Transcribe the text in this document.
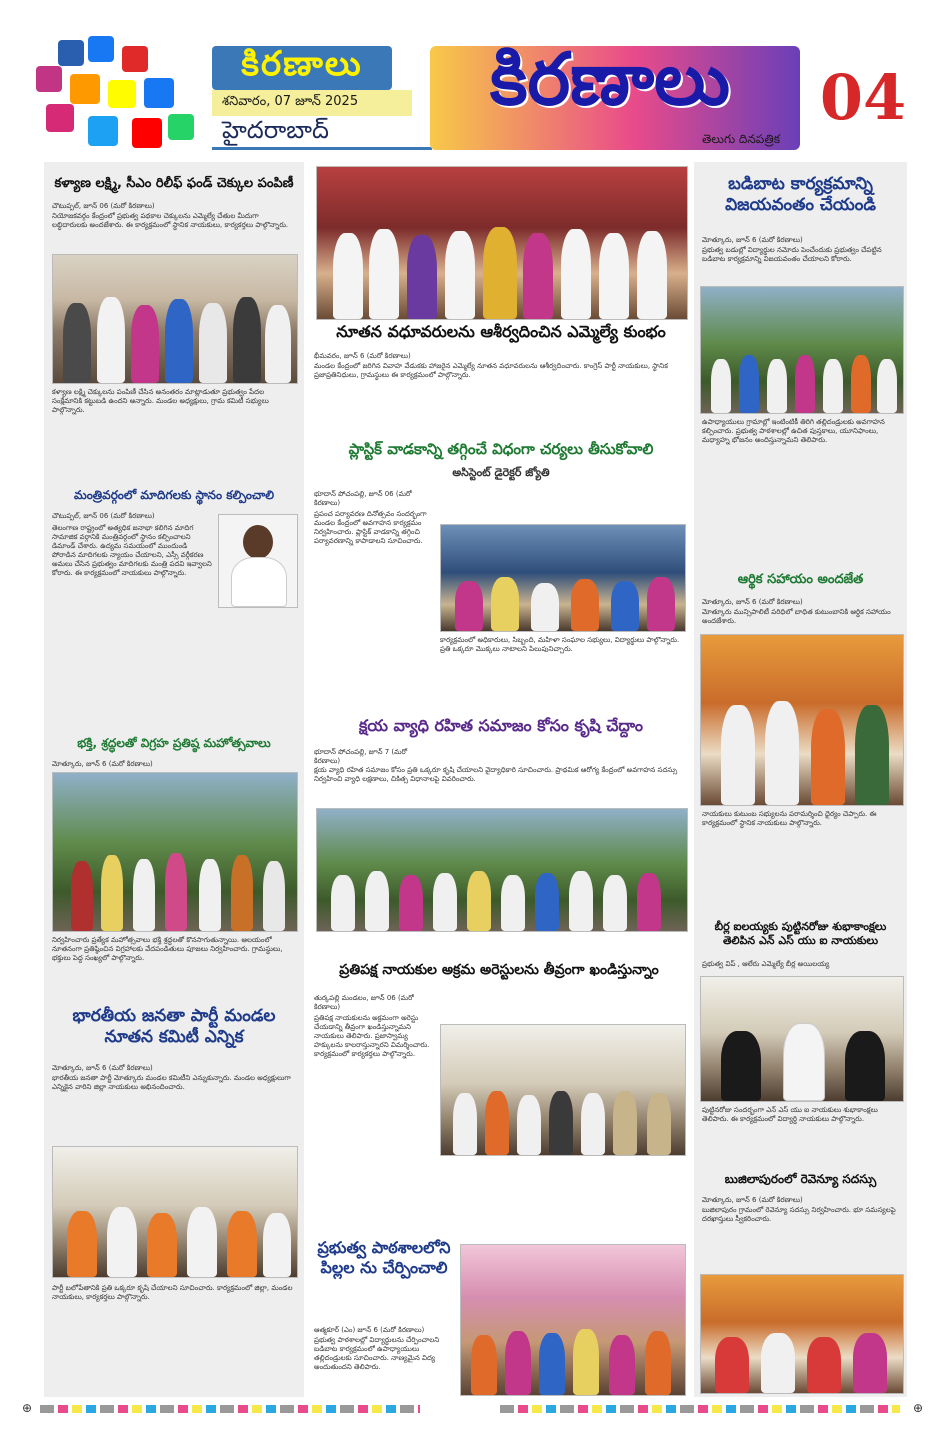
కిరణాలు
శనివారం, 07 జూన్ 2025
హైదరాబాద్
కిరణాలు
తెలుగు దినపత్రిక
04
కళ్యాణ లక్ష్మి, సీఎం రిలీఫ్ ఫండ్ చెక్కుల పంపిణీ
చౌటుప్పల్, జూన్ 06 (మరో కిరణాలు)
నియోజకవర్గం కేంద్రంలో ప్రభుత్వ పథకాల చెక్కులను ఎమ్మెల్యే చేతుల మీదుగా లబ్ధిదారులకు అందజేశారు. ఈ కార్యక్రమంలో స్థానిక నాయకులు, కార్యకర్తలు పాల్గొన్నారు.
కళ్యాణ లక్ష్మి చెక్కులను పంపిణీ చేసిన అనంతరం మాట్లాడుతూ ప్రభుత్వం పేదల సంక్షేమానికి కట్టుబడి ఉందని అన్నారు. మండల అధ్యక్షులు, గ్రామ కమిటీ సభ్యులు పాల్గొన్నారు.
మంత్రివర్గంలో మాదిగలకు స్థానం కల్పించాలి
చౌటుప్పల్, జూన్ 06 (మరో కిరణాలు)
తెలంగాణ రాష్ట్రంలో అత్యధిక జనాభా కలిగిన మాదిగ సామాజిక వర్గానికి మంత్రివర్గంలో స్థానం కల్పించాలని డిమాండ్ చేశారు. ఉద్యమ సమయంలో ముందుండి పోరాడిన మాదిగలకు న్యాయం చేయాలని, ఎస్సీ వర్గీకరణ అమలు చేసిన ప్రభుత్వం మాదిగలకు మంత్రి పదవి ఇవ్వాలని కోరారు. ఈ కార్యక్రమంలో నాయకులు పాల్గొన్నారు.
భక్తి, శ్రద్ధలతో విగ్రహ ప్రతిష్ఠ మహోత్సవాలు
మోత్కూరు, జూన్ 6 (మరో కిరణాలు)
నిర్వహించారు ప్రత్యేక మహోత్సవాలు భక్తి శ్రద్ధలతో కొనసాగుతున్నాయి. ఆలయంలో నూతనంగా ప్రతిష్ఠించిన విగ్రహాలకు వేదపండితులు పూజలు నిర్వహించారు. గ్రామస్థులు, భక్తులు పెద్ద సంఖ్యలో పాల్గొన్నారు.
భారతీయ జనతా పార్టీ మండల నూతన కమిటీ ఎన్నిక
మోత్కూరు, జూన్ 6 (మరో కిరణాలు)
భారతీయ జనతా పార్టీ మోత్కూరు మండల కమిటీని ఎన్నుకున్నారు. మండల అధ్యక్షులుగా ఎన్నికైన వారిని జిల్లా నాయకులు అభినందించారు.
పార్టీ బలోపేతానికి ప్రతి ఒక్కరూ కృషి చేయాలని సూచించారు. కార్యక్రమంలో జిల్లా, మండల నాయకులు, కార్యకర్తలు పాల్గొన్నారు.
నూతన వధూవరులను ఆశీర్వదించిన ఎమ్మెల్యే కుంభం
భీమవరం, జూన్ 6 (మరో కిరణాలు)
మండల కేంద్రంలో జరిగిన వివాహ వేడుకకు హాజరైన ఎమ్మెల్యే నూతన వధూవరులను ఆశీర్వదించారు. కాంగ్రెస్ పార్టీ నాయకులు, స్థానిక ప్రజాప్రతినిధులు, గ్రామస్థులు ఈ కార్యక్రమంలో పాల్గొన్నారు.
ప్లాస్టిక్ వాడకాన్ని తగ్గించే విధంగా చర్యలు తీసుకోవాలి
అసిస్టెంట్ డైరెక్టర్ జ్యోతి
భూదాన్ పోచంపల్లి, జూన్ 06 (మరో కిరణాలు)
ప్రపంచ పర్యావరణ దినోత్సవం సందర్భంగా మండల కేంద్రంలో అవగాహన కార్యక్రమం నిర్వహించారు. ప్లాస్టిక్ వాడకాన్ని తగ్గించి పర్యావరణాన్ని కాపాడాలని సూచించారు.
కార్యక్రమంలో అధికారులు, సిబ్బంది, మహిళా సంఘాల సభ్యులు, విద్యార్థులు పాల్గొన్నారు. ప్రతి ఒక్కరూ మొక్కలు నాటాలని పిలుపునిచ్చారు.
క్షయ వ్యాధి రహిత సమాజం కోసం కృషి చేద్దాం
భూదాన్ పోచంపల్లి, జూన్ 7 (మరో కిరణాలు)
క్షయ వ్యాధి రహిత సమాజం కోసం ప్రతి ఒక్కరూ కృషి చేయాలని వైద్యాధికారి సూచించారు. ప్రాథమిక ఆరోగ్య కేంద్రంలో అవగాహన సదస్సు నిర్వహించి వ్యాధి లక్షణాలు, చికిత్స విధానాలపై వివరించారు.
ప్రతిపక్ష నాయకుల అక్రమ అరెస్టులను తీవ్రంగా ఖండిస్తున్నాం
తుర్కపల్లి మండలం, జూన్ 06 (మరో కిరణాలు)
ప్రతిపక్ష నాయకులను అక్రమంగా అరెస్టు చేయడాన్ని తీవ్రంగా ఖండిస్తున్నామని నాయకులు తెలిపారు. ప్రజాస్వామ్య హక్కులను కాలరాస్తున్నారని విమర్శించారు. కార్యక్రమంలో కార్యకర్తలు పాల్గొన్నారు.
ప్రభుత్వ పాఠశాలలోని పిల్లల ను చేర్పించాలి
ఆత్మకూర్ (ఎం) జూన్ 6 (మరో కిరణాలు)
ప్రభుత్వ పాఠశాలల్లో విద్యార్థులను చేర్పించాలని బడిబాట కార్యక్రమంలో ఉపాధ్యాయులు తల్లిదండ్రులకు సూచించారు. నాణ్యమైన విద్య అందుతుందని తెలిపారు.
బడిబాట కార్యక్రమాన్ని విజయవంతం చేయండి
మోత్కూరు, జూన్ 6 (మరో కిరణాలు)
ప్రభుత్వ బడుల్లో విద్యార్థుల నమోదు పెంచేందుకు ప్రభుత్వం చేపట్టిన బడిబాట కార్యక్రమాన్ని విజయవంతం చేయాలని కోరారు.
ఉపాధ్యాయులు గ్రామాల్లో ఇంటింటికీ తిరిగి తల్లిదండ్రులకు అవగాహన కల్పించారు. ప్రభుత్వ పాఠశాలల్లో ఉచిత పుస్తకాలు, యూనిఫాంలు, మధ్యాహ్న భోజనం అందిస్తున్నామని తెలిపారు.
ఆర్థిక సహాయం అందజేత
మోత్కూరు, జూన్ 6 (మరో కిరణాలు)
మోత్కూరు మున్సిపాలిటీ పరిధిలో బాధిత కుటుంబానికి ఆర్థిక సహాయం అందజేశారు.
నాయకులు కుటుంబ సభ్యులను పరామర్శించి ధైర్యం చెప్పారు. ఈ కార్యక్రమంలో స్థానిక నాయకులు పాల్గొన్నారు.
బీర్ల ఐలయ్యకు పుట్టినరోజు శుభాకాంక్షలు తెలిపిన ఎన్ ఎస్ యు ఐ నాయకులు
ప్రభుత్వ విప్ , ఆలేరు ఎమ్మెల్యే బీర్ల అయిలయ్య
పుట్టినరోజు సందర్భంగా ఎన్ ఎస్ యు ఐ నాయకులు శుభాకాంక్షలు తెలిపారు. ఈ కార్యక్రమంలో విద్యార్థి నాయకులు పాల్గొన్నారు.
బుజిలాపురంలో రెవెన్యూ సదస్సు
మోత్కూరు, జూన్ 6 (మరో కిరణాలు)
బుజిలాపురం గ్రామంలో రెవెన్యూ సదస్సు నిర్వహించారు. భూ సమస్యలపై దరఖాస్తులు స్వీకరించారు.
⊕	⊕
